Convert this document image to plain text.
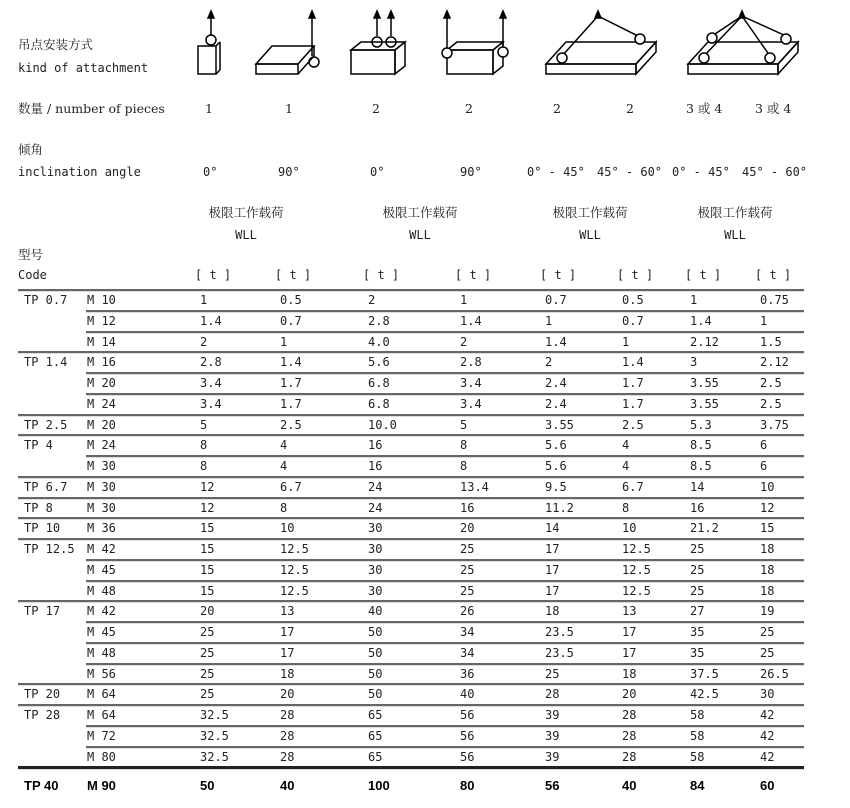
吊点安装方式
kind of attachment
数量 / number of pieces
倾角
inclination angle
型号
Code
1	1	2	2	2	2	3 或 4	3 或 4
0°	90°	0°	90°	0° - 45° 45° - 60° 0° - 45° 45° - 60°
极限工作载荷
WLL
极限工作载荷
WLL
极限工作载荷
WLL
极限工作载荷
WLL
[ t ]	[ t ]	[ t ]	[ t ]	[ t ]	[ t ]	[ t ]	[ t ]
TP 0.7 M 10	1	0.5	2	1	0.7	0.5	1	0.75
M 12	1.4	0.7	2.8	1.4	1	0.7	1.4	1
M 14	2	1	4.0	2	1.4	1	2.12	1.5
TP 1.4 M 16	2.8	1.4	5.6	2.8	2	1.4	3	2.12
M 20	3.4	1.7	6.8	3.4	2.4	1.7	3.55	2.5
M 24	3.4	1.7	6.8	3.4	2.4	1.7	3.55	2.5
TP 2.5 M 20	5	2.5	10.0	5	3.55	2.5	5.3	3.75
TP 4	M 24	8	4	16	8	5.6	4	8.5	6
M 30	8	4	16	8	5.6	4	8.5	6
TP 6.7 M 30	12	6.7	24	13.4	9.5	6.7	14	10
TP 8	M 30	12	8	24	16	11.2	8	16	12
TP 10 M 36	15	10	30	20	14	10	21.2	15
TP 12.5 M 42	15	12.5	30	25	17	12.5	25	18
M 45	15	12.5	30	25	17	12.5	25	18
M 48	15	12.5	30	25	17	12.5	25	18
TP 17 M 42	20	13	40	26	18	13	27	19
M 45	25	17	50	34	23.5	17	35	25
M 48	25	17	50	34	23.5	17	35	25
M 56	25	18	50	36	25	18	37.5	26.5
TP 20 M 64	25	20	50	40	28	20	42.5	30
TP 28 M 64	32.5	28	65	56	39	28	58	42
M 72	32.5	28	65	56	39	28	58	42
M 80	32.5	28	65	56	39	28	58	42
TP 40 M 90	50	40	100	80	56	40	84	60
